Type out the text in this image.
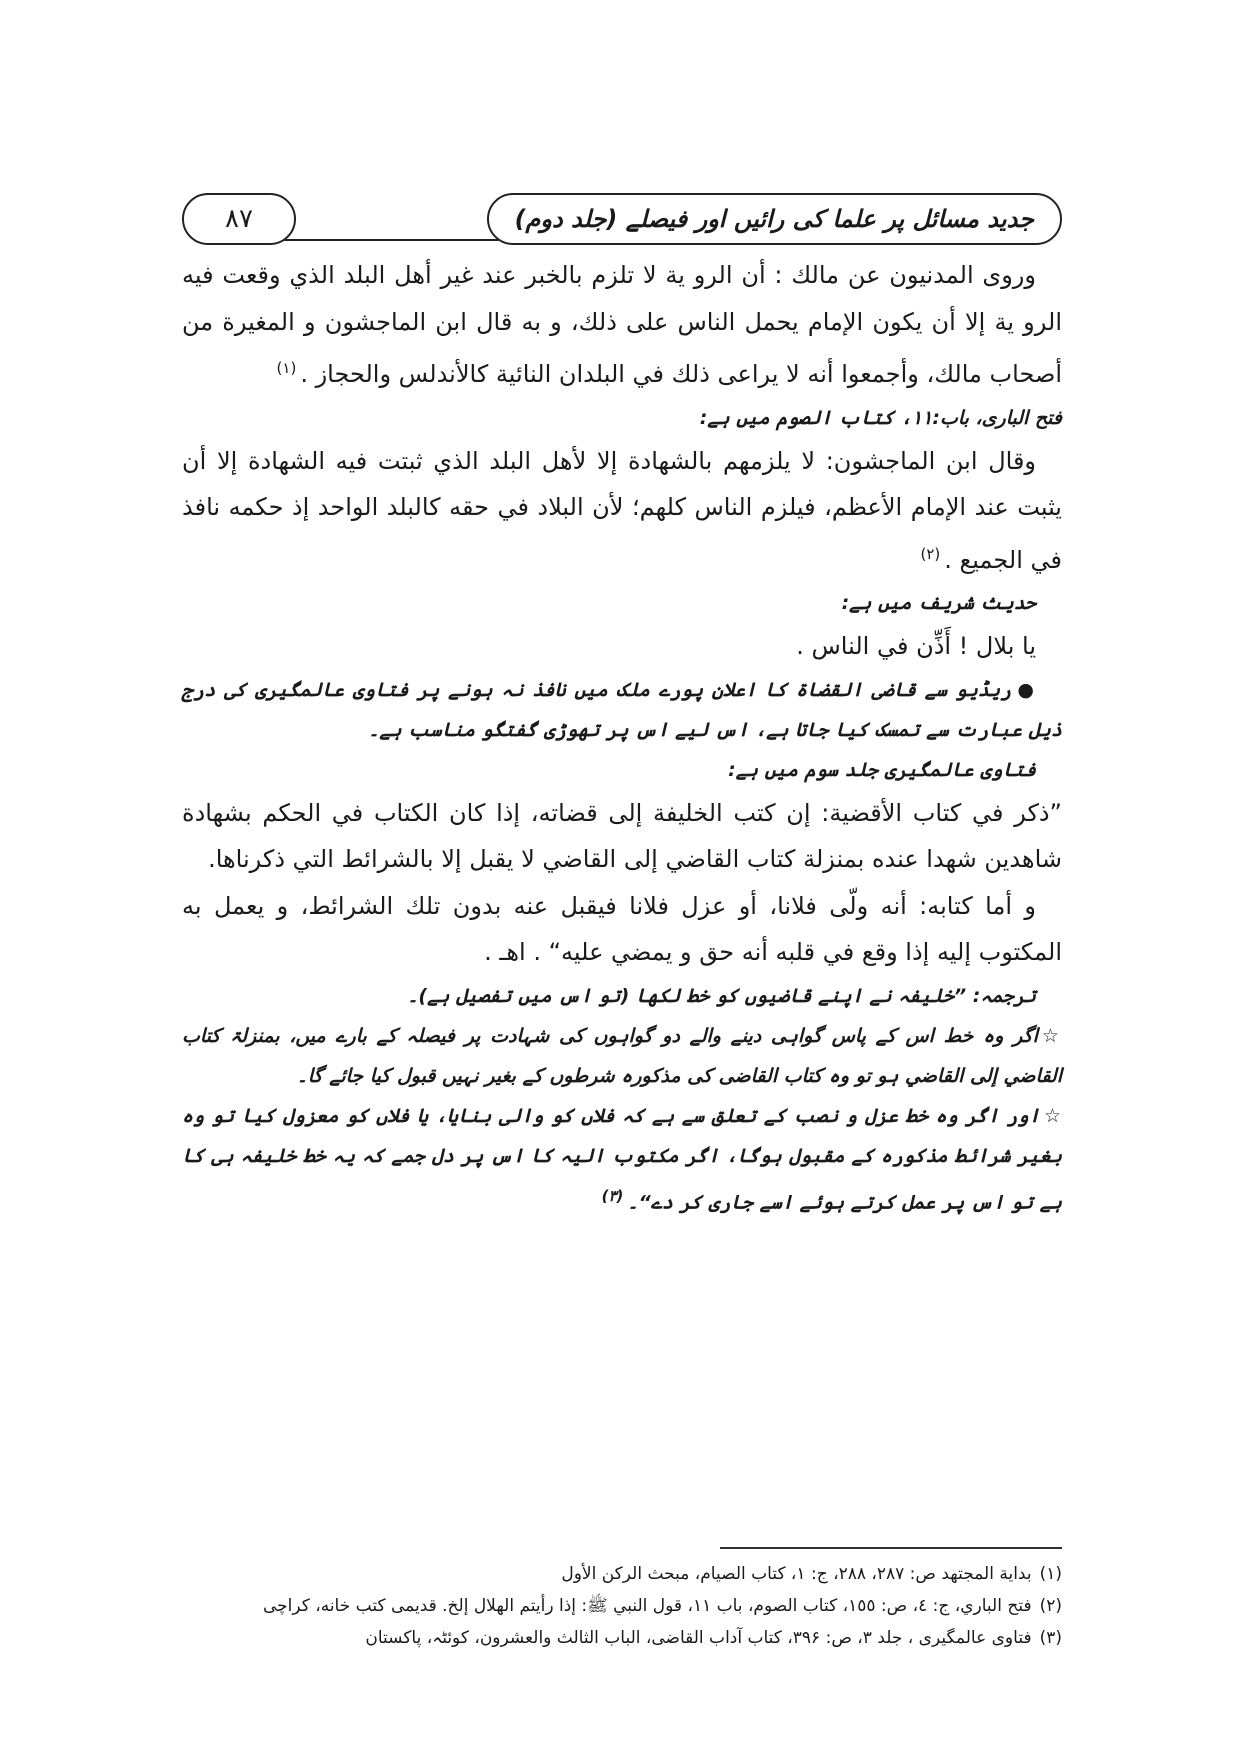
جدید مسائل پر علما کی رائیں اور فیصلے (جلد دوم)
۸۷

وروى المدنيون عن مالك : أن الرو ية لا تلزم بالخبر عند غير أهل البلد الذي وقعت فيه الرو ية إلا أن يكون الإمام يحمل الناس على ذلك، و به قال ابن الماجشون و المغيرة من أصحاب مالك، وأجمعوا أنه لا يراعى ذلك في البلدان النائية كالأندلس والحجاز .$^{(۱)}$

فتح الباری، باب:۱۱، کتاب الصوم میں ہے:

وقال ابن الماجشون: لا يلزمهم بالشهادة إلا لأهل البلد الذي ثبتت فيه الشهادة إلا أن يثبت عند الإمام الأعظم، فيلزم الناس كلهم؛ لأن البلاد في حقه كالبلد الواحد إذ حكمه نافذ في الجميع .$^{(۲)}$

حدیث شریف میں ہے:

يا بلال ! أَذِّن في الناس .

●ریڈیو سے قاضی القضاۃ کا اعلان پورے ملک میں نافذ نہ ہونے پر فتاوی عالمگیری کی درج ذیل عبارت سے تمسک کیا جاتا ہے، اس لیے اس پر تھوڑی گفتگو مناسب ہے۔

فتاوی عالمگیری جلد سوم میں ہے:

”ذكر في كتاب الأقضية: إن كتب الخليفة إلى قضاته، إذا كان الكتاب في الحكم بشهادة شاهدين شهدا عنده بمنزلة كتاب القاضي إلى القاضي لا يقبل إلا بالشرائط التي ذكرناها.

و أما كتابه: أنه ولّى فلانا، أو عزل فلانا فيقبل عنه بدون تلك الشرائط، و يعمل به المكتوب إليه إذا وقع في قلبه أنه حق و يمضي عليه“ . اهـ .

ترجمہ: ”خلیفہ نے اپنے قاضیوں کو خط لکھا (تو اس میں تفصیل ہے)۔

☆اگر وہ خط اس کے پاس گواہی دینے والے دو گواہوں کی شہادت پر فیصلہ کے بارے میں، بمنزلۃ کتاب القاضي إلى القاضي ہو تو وہ کتاب القاضی کی مذکورہ شرطوں کے بغیر نہیں قبول کیا جائے گا۔

☆اور اگر وہ خط عزل و نصب کے تعلق سے ہے کہ فلاں کو والی بنایا، یا فلاں کو معزول کیا تو وہ بغیر شرائط مذکورہ کے مقبول ہوگا، اگر مکتوب الیہ کا اس پر دل جمے کہ یہ خط خلیفہ ہی کا ہے تو اس پر عمل کرتے ہوئے اسے جاری کر دے“۔$^{(۳)}$

(۱)بداية المجتهد ص: ۲۸۷، ۲۸۸، ج: ۱، كتاب الصيام، مبحث الركن الأول

(۲)فتح الباري، ج: ٤، ص: ١٥٥، كتاب الصوم، باب ١١، قول النبي ﷺ: إذا رأيتم الهلال إلخ. قديمى كتب خانه، كراچى

(۳)فتاوی عالمگیری ، جلد ۳، ص: ۳۹۶، کتاب آداب القاضی، الباب الثالث والعشرون، کوئٹہ، پاکستان
